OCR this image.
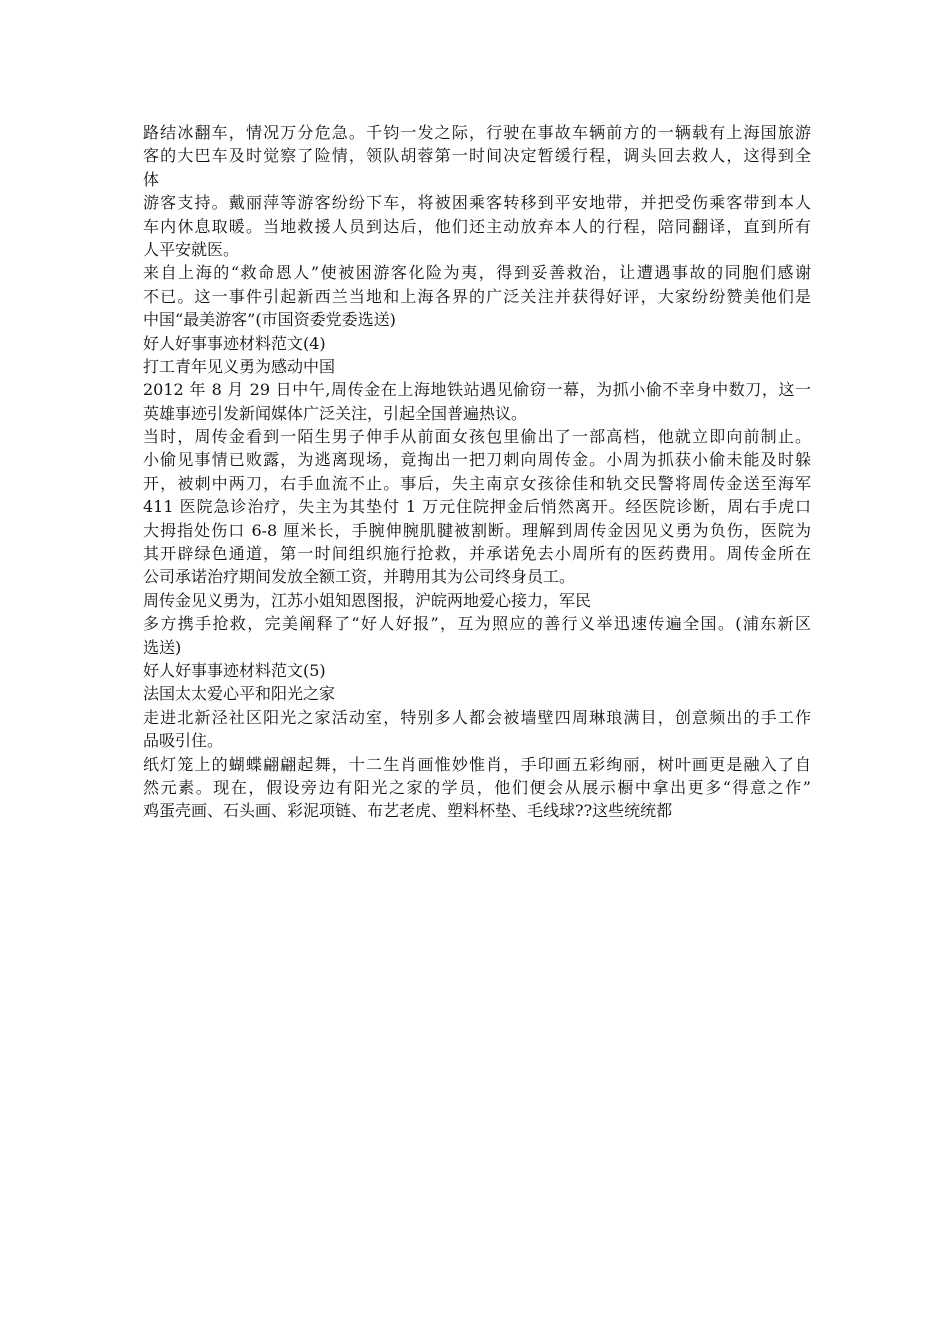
路结冰翻车，情况万分危急。千钧一发之际，行驶在事故车辆前方的一辆载有上海国旅游
客的大巴车及时觉察了险情，领队胡蓉第一时间决定暂缓行程，调头回去救人，这得到全
体
游客支持。戴丽萍等游客纷纷下车，将被困乘客转移到平安地带，并把受伤乘客带到本人
车内休息取暖。当地救援人员到达后，他们还主动放弃本人的行程，陪同翻译，直到所有
人平安就医。
来自上海的“救命恩人”使被困游客化险为夷，得到妥善救治，让遭遇事故的同胞们感谢
不已。这一事件引起新西兰当地和上海各界的广泛关注并获得好评，大家纷纷赞美他们是
中国“最美游客”(市国资委党委选送)
好人好事事迹材料范文(4)
打工青年见义勇为感动中国
2012 年 8 月 29 日中午,周传金在上海地铁站遇见偷窃一幕，为抓小偷不幸身中数刀，这一
英雄事迹引发新闻媒体广泛关注，引起全国普遍热议。
当时，周传金看到一陌生男子伸手从前面女孩包里偷出了一部高档，他就立即向前制止。
小偷见事情已败露，为逃离现场，竟掏出一把刀刺向周传金。小周为抓获小偷未能及时躲
开，被刺中两刀，右手血流不止。事后，失主南京女孩徐佳和轨交民警将周传金送至海军
411 医院急诊治疗，失主为其垫付 1 万元住院押金后悄然离开。经医院诊断，周右手虎口
大拇指处伤口 6-8 厘米长，手腕伸腕肌腱被割断。理解到周传金因见义勇为负伤，医院为
其开辟绿色通道，第一时间组织施行抢救，并承诺免去小周所有的医药费用。周传金所在
公司承诺治疗期间发放全额工资，并聘用其为公司终身员工。
周传金见义勇为，江苏小姐知恩图报，沪皖两地爱心接力，军民
多方携手抢救，完美阐释了“好人好报”，互为照应的善行义举迅速传遍全国。(浦东新区
选送)
好人好事事迹材料范文(5)
法国太太爱心平和阳光之家
走进北新泾社区阳光之家活动室，特别多人都会被墙壁四周琳琅满目，创意频出的手工作
品吸引住。
纸灯笼上的蝴蝶翩翩起舞，十二生肖画惟妙惟肖，手印画五彩绚丽，树叶画更是融入了自
然元素。现在，假设旁边有阳光之家的学员，他们便会从展示橱中拿出更多“得意之作”
鸡蛋壳画、石头画、彩泥项链、布艺老虎、塑料杯垫、毛线球??这些统统都
